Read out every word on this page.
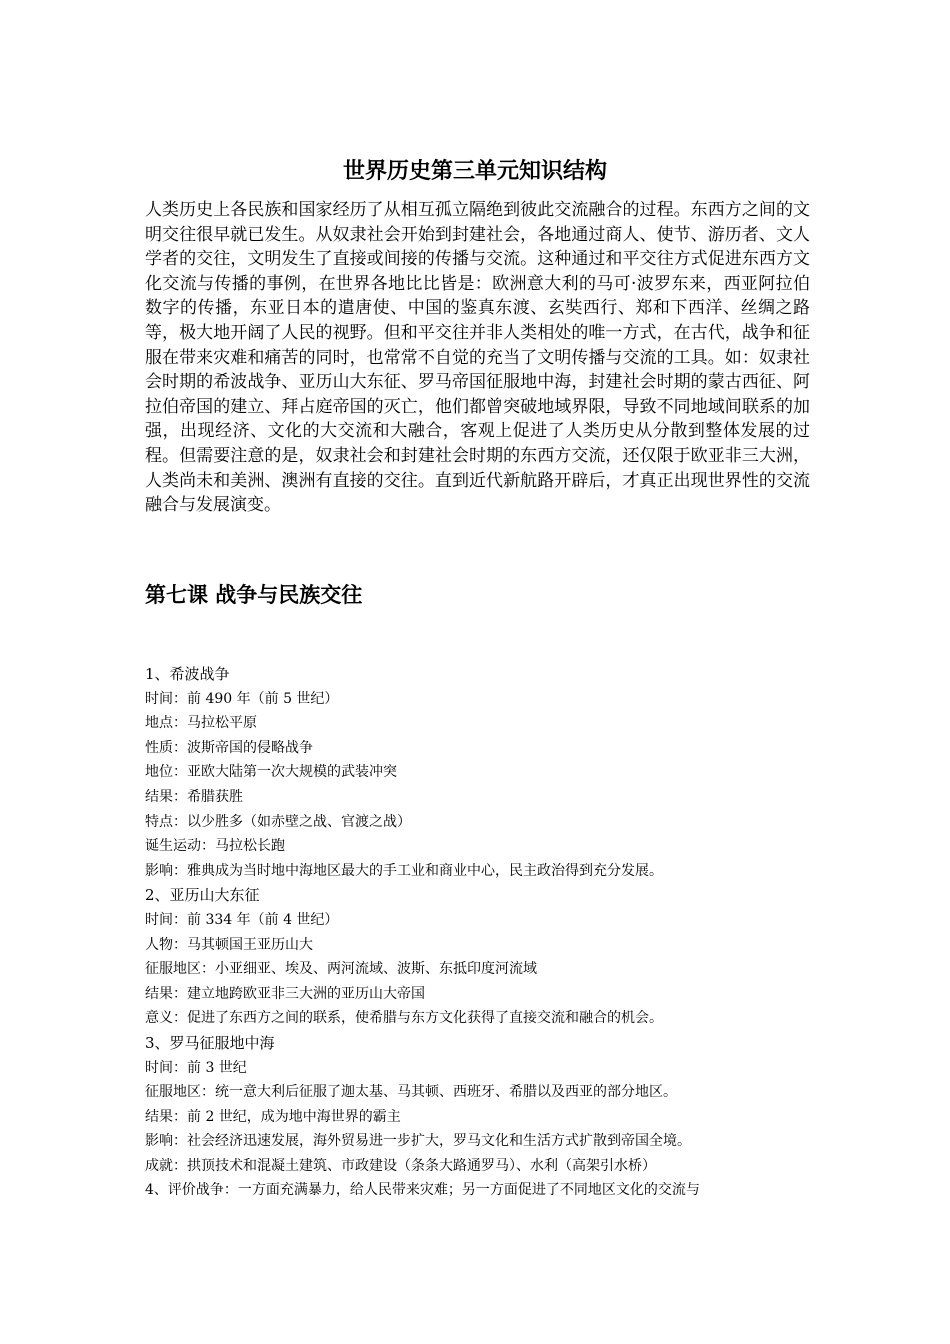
世界历史第三单元知识结构

人类历史上各民族和国家经历了从相互孤立隔绝到彼此交流融合的过程。东西方之间的文明交往很早就已发生。从奴隶社会开始到封建社会，各地通过商人、使节、游历者、文人学者的交往，文明发生了直接或间接的传播与交流。这种通过和平交往方式促进东西方文化交流与传播的事例，在世界各地比比皆是：欧洲意大利的马可·波罗东来，西亚阿拉伯数字的传播，东亚日本的遣唐使、中国的鉴真东渡、玄奘西行、郑和下西洋、丝绸之路等，极大地开阔了人民的视野。但和平交往并非人类相处的唯一方式，在古代，战争和征服在带来灾难和痛苦的同时，也常常不自觉的充当了文明传播与交流的工具。如：奴隶社会时期的希波战争、亚历山大东征、罗马帝国征服地中海，封建社会时期的蒙古西征、阿拉伯帝国的建立、拜占庭帝国的灭亡，他们都曾突破地域界限，导致不同地域间联系的加强，出现经济、文化的大交流和大融合，客观上促进了人类历史从分散到整体发展的过程。但需要注意的是，奴隶社会和封建社会时期的东西方交流，还仅限于欧亚非三大洲，人类尚未和美洲、澳洲有直接的交往。直到近代新航路开辟后，才真正出现世界性的交流融合与发展演变。

第七课 战争与民族交往
1、希波战争
时间：前 490 年（前 5 世纪）
地点：马拉松平原
性质：波斯帝国的侵略战争
地位：亚欧大陆第一次大规模的武装冲突
结果：希腊获胜
特点：以少胜多（如赤壁之战、官渡之战）
诞生运动：马拉松长跑
影响：雅典成为当时地中海地区最大的手工业和商业中心，民主政治得到充分发展。
2、亚历山大东征
时间：前 334 年（前 4 世纪）
人物：马其顿国王亚历山大
征服地区：小亚细亚、埃及、两河流域、波斯、东抵印度河流域
结果：建立地跨欧亚非三大洲的亚历山大帝国
意义：促进了东西方之间的联系，使希腊与东方文化获得了直接交流和融合的机会。
3、罗马征服地中海
时间：前 3 世纪
征服地区：统一意大利后征服了迦太基、马其顿、西班牙、希腊以及西亚的部分地区。
结果：前 2 世纪，成为地中海世界的霸主
影响：社会经济迅速发展，海外贸易进一步扩大，罗马文化和生活方式扩散到帝国全境。
成就：拱顶技术和混凝土建筑、市政建设（条条大路通罗马）、水利（高架引水桥）
4、评价战争：一方面充满暴力，给人民带来灾难；另一方面促进了不同地区文化的交流与
